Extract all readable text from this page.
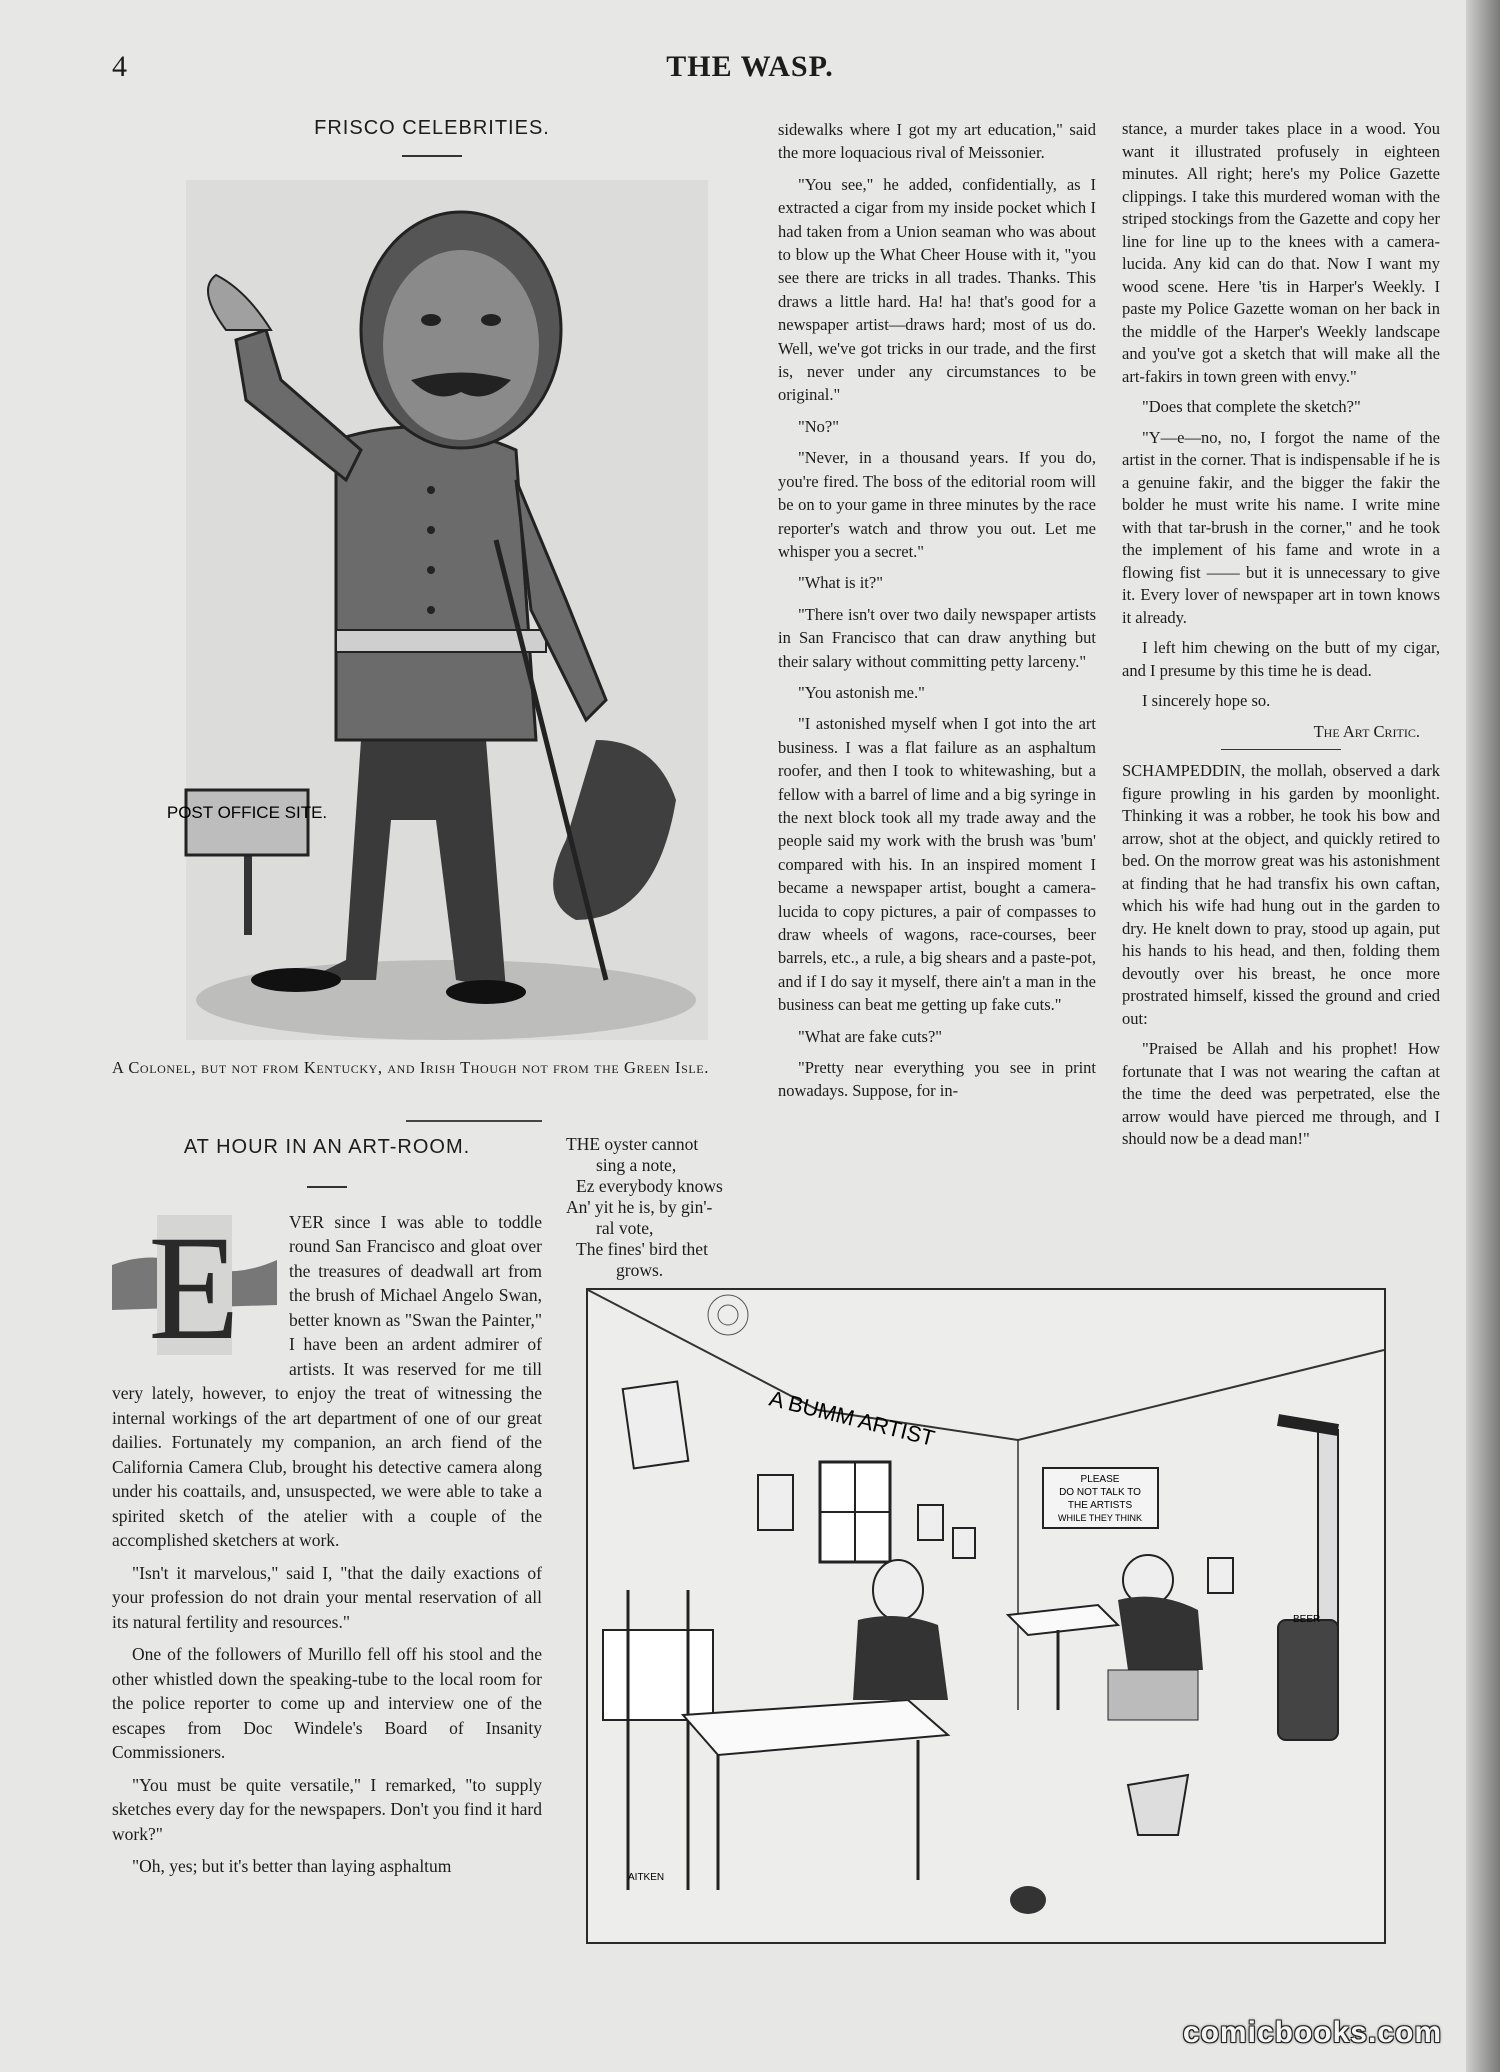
4	THE WASP.
FRISCO CELEBRITIES.
POST OFFICE SITE.
A Colonel, but not from Kentucky, and Irish Though not from the Green Isle.
AT HOUR IN AN ART-ROOM.
E	VER since I was able to toddle round San Francisco and gloat over the treasures of deadwall art from the brush of Michael Angelo Swan, better known as "Swan the Painter," I have been an ardent admirer of artists. It was reserved for me till very lately, however, to enjoy the treat of witnessing the internal workings of the art department of one of our great dailies. Fortunately my companion, an arch fiend of the California Camera Club, brought his detective camera along under his coattails, and, unsuspected, we were able to take a spirited sketch of the atelier with a couple of the accomplished sketchers at work.

"Isn't it marvelous," said I, "that the daily exactions of your profession do not drain your mental reservation of all its natural fertility and resources."

One of the followers of Murillo fell off his stool and the other whistled down the speaking-tube to the local room for the police reporter to come up and interview one of the escapes from Doc Windele's Board of Insanity Commissioners.

"You must be quite versatile," I remarked, "to supply sketches every day for the newspapers. Don't you find it hard work?"

"Oh, yes; but it's better than laying asphaltum

THE oyster cannot
sing a note,
Ez everybody knows
An' yit he is, by gin'-
ral vote,
The fines' bird thet
grows.

sidewalks where I got my art education," said the more loquacious rival of Meissonier.

"You see," he added, confidentially, as I extracted a cigar from my inside pocket which I had taken from a Union seaman who was about to blow up the What Cheer House with it, "you see there are tricks in all trades. Thanks. This draws a little hard. Ha! ha! that's good for a newspaper artist—draws hard; most of us do. Well, we've got tricks in our trade, and the first is, never under any circumstances to be original."

"No?"

"Never, in a thousand years. If you do, you're fired. The boss of the editorial room will be on to your game in three minutes by the race reporter's watch and throw you out. Let me whisper you a secret."

"What is it?"

"There isn't over two daily newspaper artists in San Francisco that can draw anything but their salary without committing petty larceny."

"You astonish me."

"I astonished myself when I got into the art business. I was a flat failure as an asphaltum roofer, and then I took to whitewashing, but a fellow with a barrel of lime and a big syringe in the next block took all my trade away and the people said my work with the brush was 'bum' compared with his. In an inspired moment I became a newspaper artist, bought a camera-lucida to copy pictures, a pair of compasses to draw wheels of wagons, race-courses, beer barrels, etc., a rule, a big shears and a paste-pot, and if I do say it myself, there ain't a man in the business can beat me getting up fake cuts."

"What are fake cuts?"

"Pretty near everything you see in print nowadays. Suppose, for in-

stance, a murder takes place in a wood. You want it illustrated profusely in eighteen minutes. All right; here's my Police Gazette clippings. I take this murdered woman with the striped stockings from the Gazette and copy her line for line up to the knees with a camera-lucida. Any kid can do that. Now I want my wood scene. Here 'tis in Harper's Weekly. I paste my Police Gazette woman on her back in the middle of the Harper's Weekly landscape and you've got a sketch that will make all the art-fakirs in town green with envy."

"Does that complete the sketch?"

"Y—e—no, no, I forgot the name of the artist in the corner. That is indispensable if he is a genuine fakir, and the bigger the fakir the bolder he must write his name. I write mine with that tar-brush in the corner," and he took the implement of his fame and wrote in a flowing fist —— but it is unnecessary to give it. Every lover of newspaper art in town knows it already.

I left him chewing on the butt of my cigar, and I presume by this time he is dead.

I sincerely hope so.

The Art Critic.

SCHAMPEDDIN, the mollah, observed a dark figure prowling in his garden by moonlight. Thinking it was a robber, he took his bow and arrow, shot at the object, and quickly retired to bed. On the morrow great was his astonishment at finding that he had transfix his own caftan, which his wife had hung out in the garden to dry. He knelt down to pray, stood up again, put his hands to his head, and then, folding them devoutly over his breast, he once more prostrated himself, kissed the ground and cried out:

"Praised be Allah and his prophet! How fortunate that I was not wearing the caftan at the time the deed was perpetrated, else the arrow would have pierced me through, and I should now be a dead man!"

A BUMM ARTIST
PLEASE
DO NOT TALK TO
THE ARTISTS
WHILE THEY THINK
BEER
AITKEN
comicbooks.com
